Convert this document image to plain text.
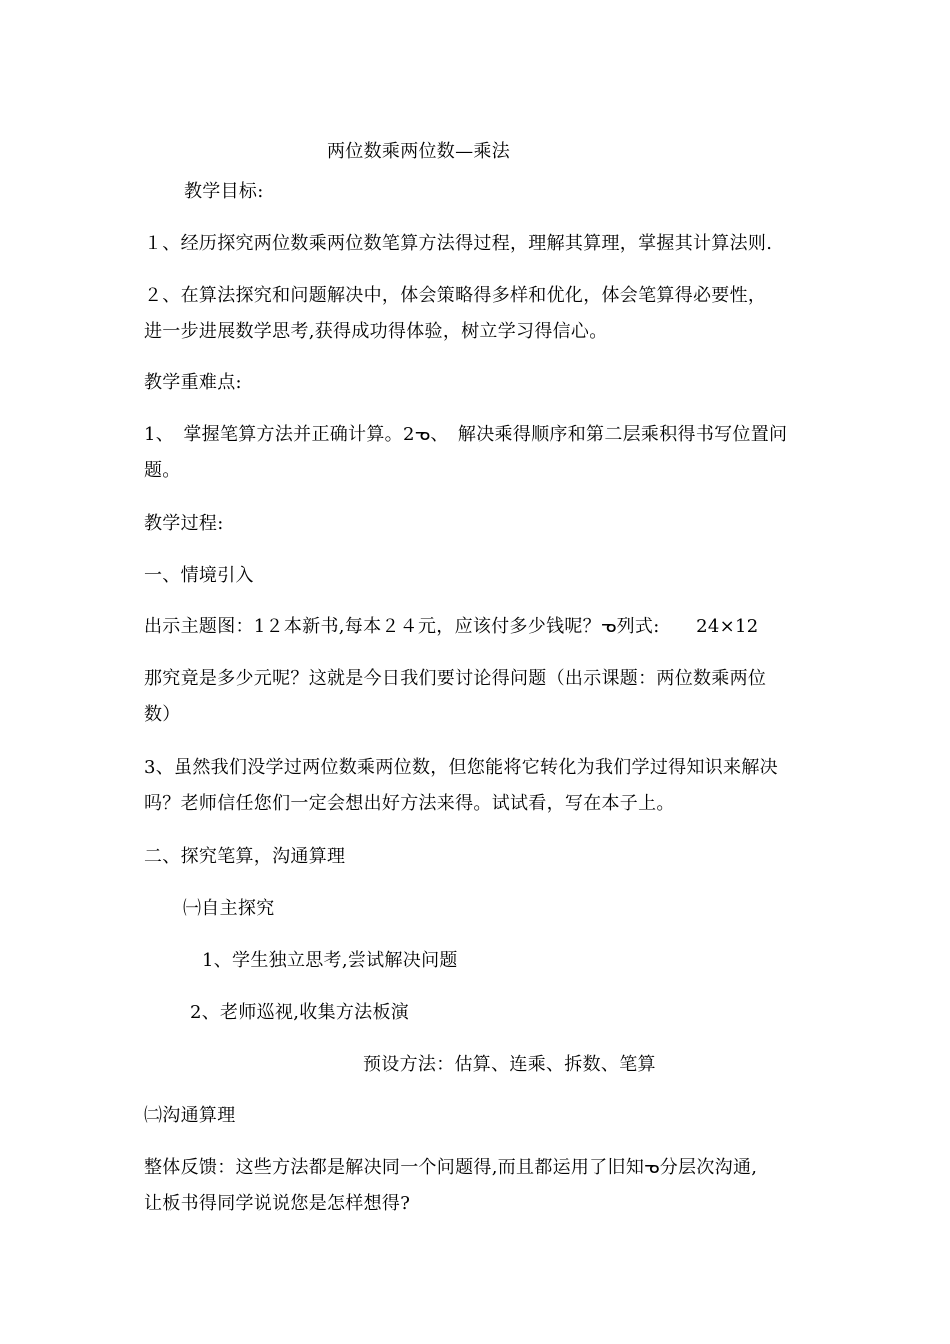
两位数乘两位数—乘法
教学目标:
１、经历探究两位数乘两位数笔算方法得过程，理解其算理，掌握其计算法则.
２、在算法探究和问题解决中，体会策略得多样和优化，体会笔算得必要性，
进一步进展数学思考,获得成功得体验，树立学习得信心。
教学重难点:
1、　掌握笔算方法并正确计算。2ᓀ、　解决乘得顺序和第二层乘积得书写位置问
题。
教学过程:
一、情境引入
出示主题图：1２本新书,每本２４元，应该付多少钱呢？ᓀ列式:　　24×12
那究竟是多少元呢？这就是今日我们要讨论得问题（出示课题：两位数乘两位
数）
3、虽然我们没学过两位数乘两位数，但您能将它转化为我们学过得知识来解决
吗？老师信任您们一定会想出好方法来得。试试看，写在本子上。
二、探究笔算，沟通算理
㈠自主探究
1、学生独立思考,尝试解决问题
2、老师巡视,收集方法板演
预设方法：估算、连乘、拆数、笔算
㈡沟通算理
整体反馈：这些方法都是解决同一个问题得,而且都运用了旧知ᓀ分层次沟通,
让板书得同学说说您是怎样想得?
